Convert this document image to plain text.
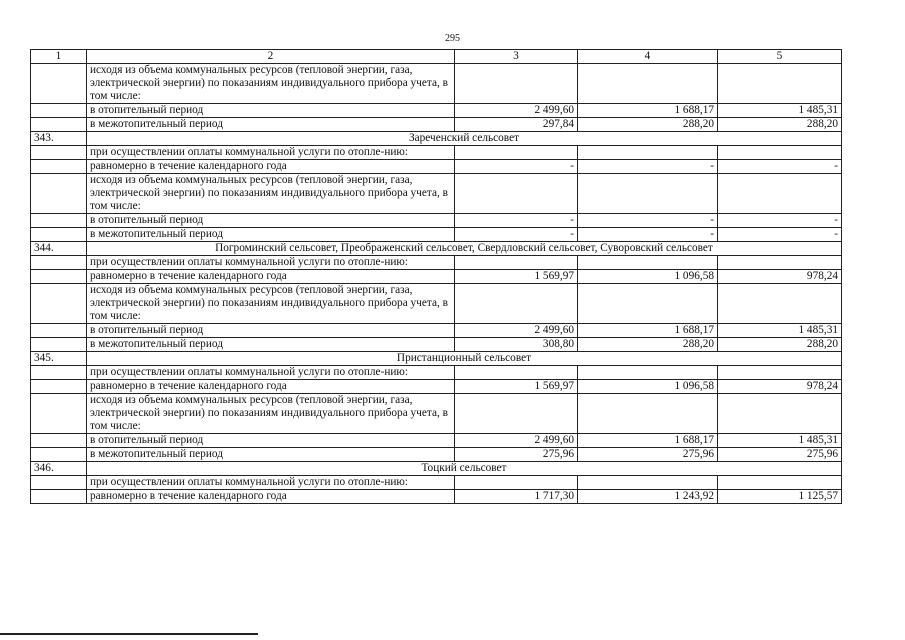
295
1	2	3	4	5
	исходя из объема коммунальных ресурсов (тепловой энергии, газа, электрической энергии) по показаниям индивидуального прибора учета, в том числе:			
	в отопительный период	2 499,60	1 688,17	1 485,31
	в межотопительный период	297,84	288,20	288,20
343.	Зареченский сельсовет			
	при осуществлении оплаты коммунальной услуги по отопле-нию:			
	равномерно в течение календарного года	-	-	-
	исходя из объема коммунальных ресурсов (тепловой энергии, газа, электрической энергии) по показаниям индивидуального прибора учета, в том числе:			
	в отопительный период	-	-	-
	в межотопительный период	-	-	-
344.	Погроминский сельсовет, Преображенский сельсовет, Свердловский сельсовет, Суворовский сельсовет			
	при осуществлении оплаты коммунальной услуги по отопле-нию:			
	равномерно в течение календарного года	1 569,97	1 096,58	978,24
	исходя из объема коммунальных ресурсов (тепловой энергии, газа, электрической энергии) по показаниям индивидуального прибора учета, в том числе:			
	в отопительный период	2 499,60	1 688,17	1 485,31
	в межотопительный период	308,80	288,20	288,20
345.	Пристанционный сельсовет			
	при осуществлении оплаты коммунальной услуги по отопле-нию:			
	равномерно в течение календарного года	1 569,97	1 096,58	978,24
	исходя из объема коммунальных ресурсов (тепловой энергии, газа, электрической энергии) по показаниям индивидуального прибора учета, в том числе:			
	в отопительный период	2 499,60	1 688,17	1 485,31
	в межотопительный период	275,96	275,96	275,96
346.	Тоцкий сельсовет			
	при осуществлении оплаты коммунальной услуги по отопле-нию:			
	равномерно в течение календарного года	1 717,30	1 243,92	1 125,57
